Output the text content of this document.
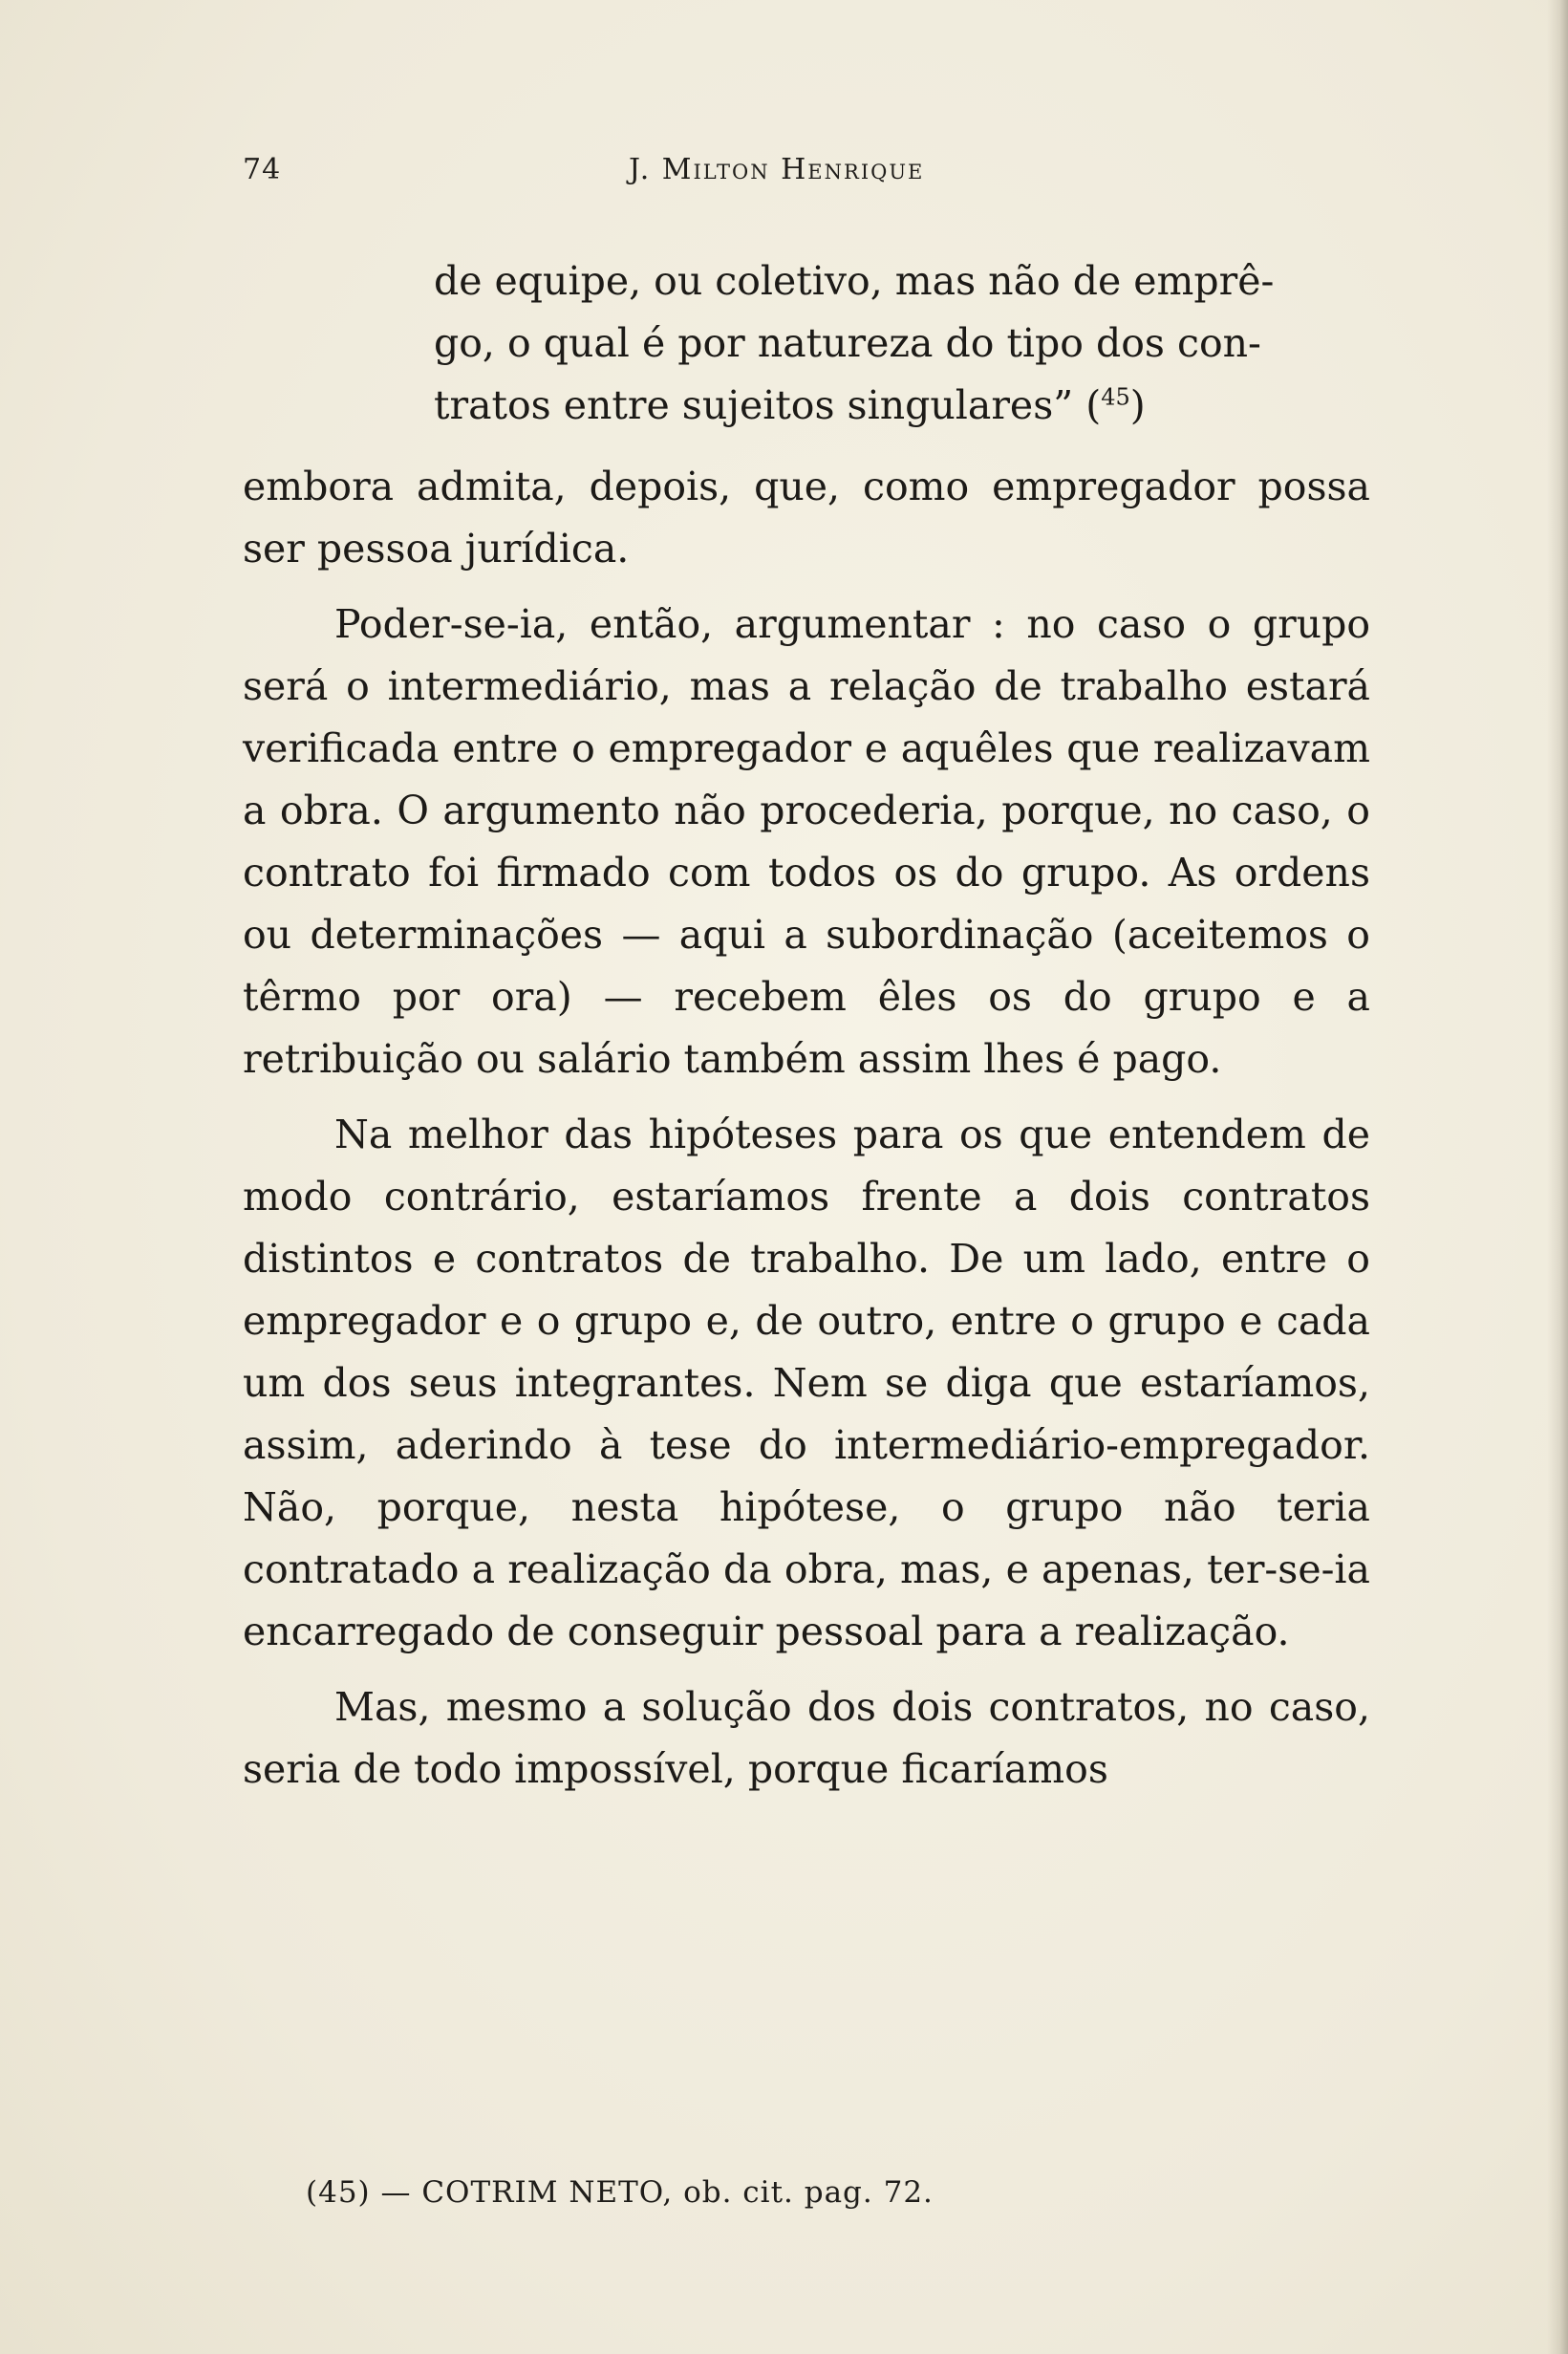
74	J. Milton Henrique
de equipe, ou coletivo, mas não de emprê-
go, o qual é por natureza do tipo dos con-
tratos entre sujeitos singulares” ($^{45}$)

embora admita, depois, que, como empregador possa ser pessoa jurídica.

Poder-se-ia, então, argumentar : no caso o grupo será o intermediário, mas a relação de trabalho estará verificada entre o empregador e aquêles que realizavam a obra. O argumento não procederia, porque, no caso, o contrato foi firmado com todos os do grupo. As ordens ou determinações — aqui a subordinação (aceitemos o têrmo por ora) — recebem êles os do grupo e a retribuição ou salário também assim lhes é pago.

Na melhor das hipóteses para os que entendem de modo contrário, estaríamos frente a dois contratos distintos e contratos de trabalho. De um lado, entre o empregador e o grupo e, de outro, entre o grupo e cada um dos seus integrantes. Nem se diga que estaríamos, assim, aderindo à tese do intermediário-empregador. Não, porque, nesta hipótese, o grupo não teria contratado a realização da obra, mas, e apenas, ter-se-ia encarregado de conseguir pessoal para a realização.

Mas, mesmo a solução dos dois contratos, no caso, seria de todo impossível, porque ficaríamos

(45) — COTRIM NETO, ob. cit. pag. 72.
